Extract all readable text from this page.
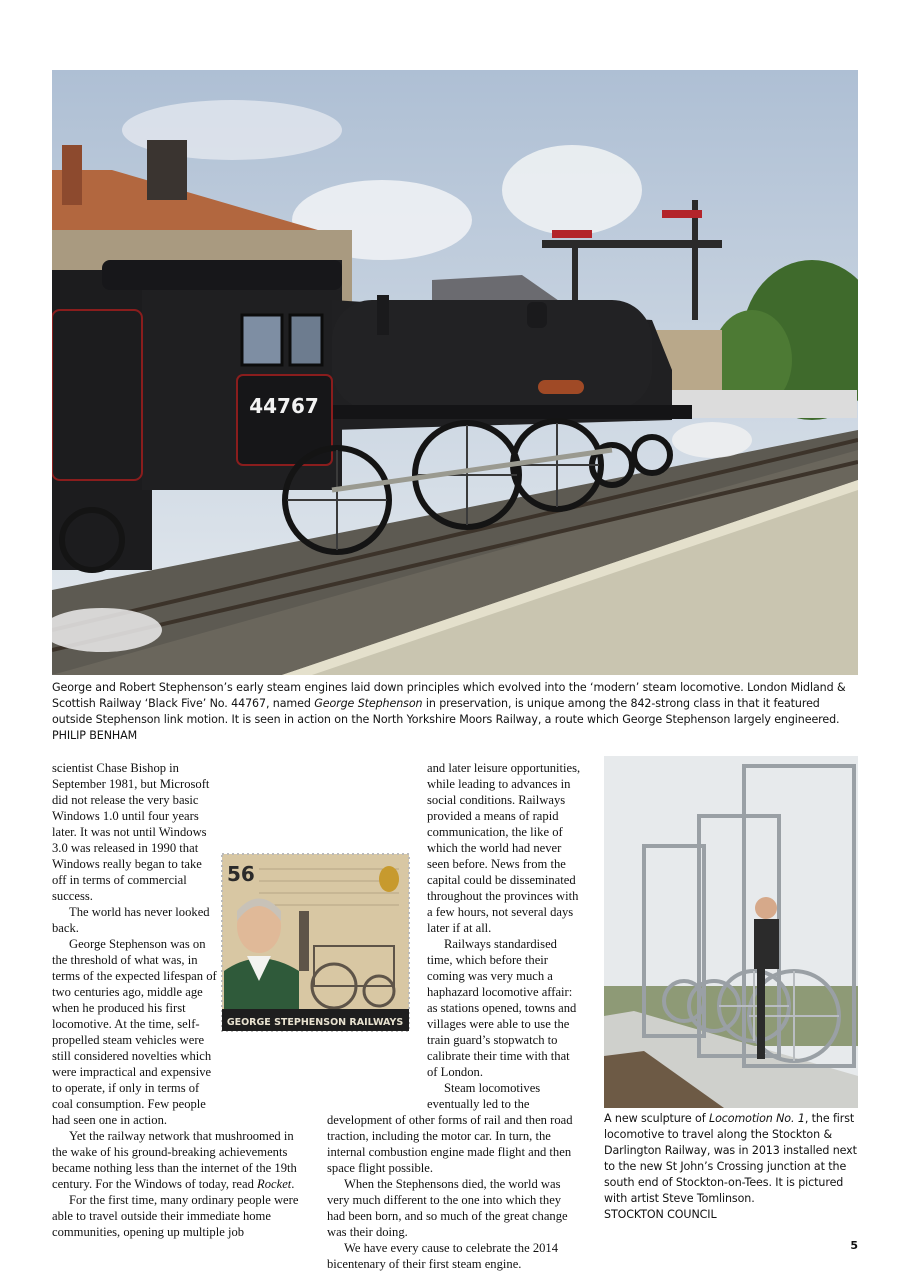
44767
George and Robert Stephenson’s early steam engines laid down principles which evolved into the ‘modern’ steam locomotive. London Midland & Scottish Railway ‘Black Five’ No. 44767, named George Stephenson in preservation, is unique among the 842-strong class in that it featured outside Stephenson link motion. It is seen in action on the North Yorkshire Moors Railway, a route which George Stephenson largely engineered. PHILIP BENHAM

scientist Chase Bishop in September 1981, but Microsoft did not release the very basic Windows 1.0 until four years later. It was not until Windows 3.0 was released in 1990 that Windows really began to take off in terms of commercial success.

The world has never looked back.

George Stephenson was on the threshold of what was, in terms of the expected lifespan of two centuries ago, middle age when he produced his first locomotive. At the time, self-propelled steam vehicles were still considered novelties which were impractical and expensive to operate, if only in terms of coal consumption. Few people had seen one in action.

Yet the railway network that mushroomed in the wake of his ground-breaking achievements became nothing less than the internet of the 19th century. For the Windows of today, read Rocket.

For the first time, many ordinary people were able to travel outside their immediate home communities, opening up multiple job

and later leisure opportunities, while leading to advances in social conditions. Railways provided a means of rapid communication, the like of which the world had never seen before. News from the capital could be disseminated throughout the provinces with a few hours, not several days later if at all.

Railways standardised time, which before their coming was very much a haphazard locomotive affair: as stations opened, towns and villages were able to use the train guard’s stopwatch to calibrate their time with that of London.

Steam locomotives eventually led to the development of other forms of rail and then road traction, including the motor car. In turn, the internal combustion engine made flight and then space flight possible.

When the Stephensons died, the world was very much different to the one into which they had been born, and so much of the great change was their doing.

We have every cause to celebrate the 2014 bicentenary of their first steam engine.

56
GEORGE STEPHENSON RAILWAYS
A new sculpture of Locomotion No. 1, the first locomotive to travel along the Stockton & Darlington Railway, was in 2013 installed next to the new St John’s Crossing junction at the south end of Stockton-on-Tees. It is pictured with artist Steve Tomlinson.
STOCKTON COUNCIL
5
